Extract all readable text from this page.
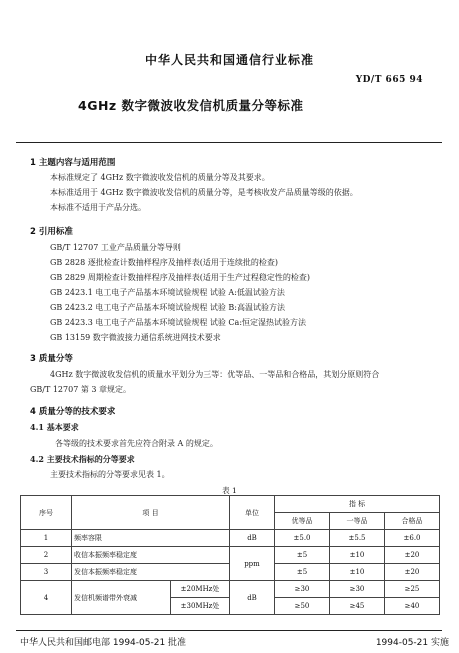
中华人民共和国通信行业标准
YD/T 665 94
4GHz 数字微波收发信机质量分等标准
1 主题内容与适用范围
本标准规定了 4GHz 数字微波收发信机的质量分等及其要求。
本标准适用于 4GHz 数字微波收发信机的质量分等，是考核收发产品质量等级的依据。
本标准不适用于产品分选。
2 引用标准
GB/T 12707 工业产品质量分等导则
GB 2828 逐批检查计数抽样程序及抽样表(适用于连续批的检查)
GB 2829 周期检查计数抽样程序及抽样表(适用于生产过程稳定性的检查)
GB 2423.1 电工电子产品基本环境试验规程 试验 A:低温试验方法
GB 2423.2 电工电子产品基本环境试验规程 试验 B:高温试验方法
GB 2423.3 电工电子产品基本环境试验规程 试验 Ca:恒定湿热试验方法
GB 13159 数字微波接力通信系统进网技术要求
3 质量分等
4GHz 数字微波收发信机的质量水平划分为三等：优等品、一等品和合格品，其划分原则符合
GB/T 12707 第 3 章规定。
4 质量分等的技术要求
4.1 基本要求
各等级的技术要求首先应符合附录 A 的规定。
4.2 主要技术指标的分等要求
主要技术指标的分等要求见表 1。
表 1
序号	项 目		单位	指 标		
				优等品	一等品	合格品
1	频率容限		dB	±5.0	±5.5	±6.0
2	收信本振频率稳定度		ppm	±5	±10	±20
3	发信本振频率稳定度			±5	±10	±20
4	发信机频谱带外衰减	±20MHz处	dB	≥30	≥30	≥25
		±30MHz处		≥50	≥45	≥40
中华人民共和国邮电部 1994-05-21 批准	1994-05-21 实施
